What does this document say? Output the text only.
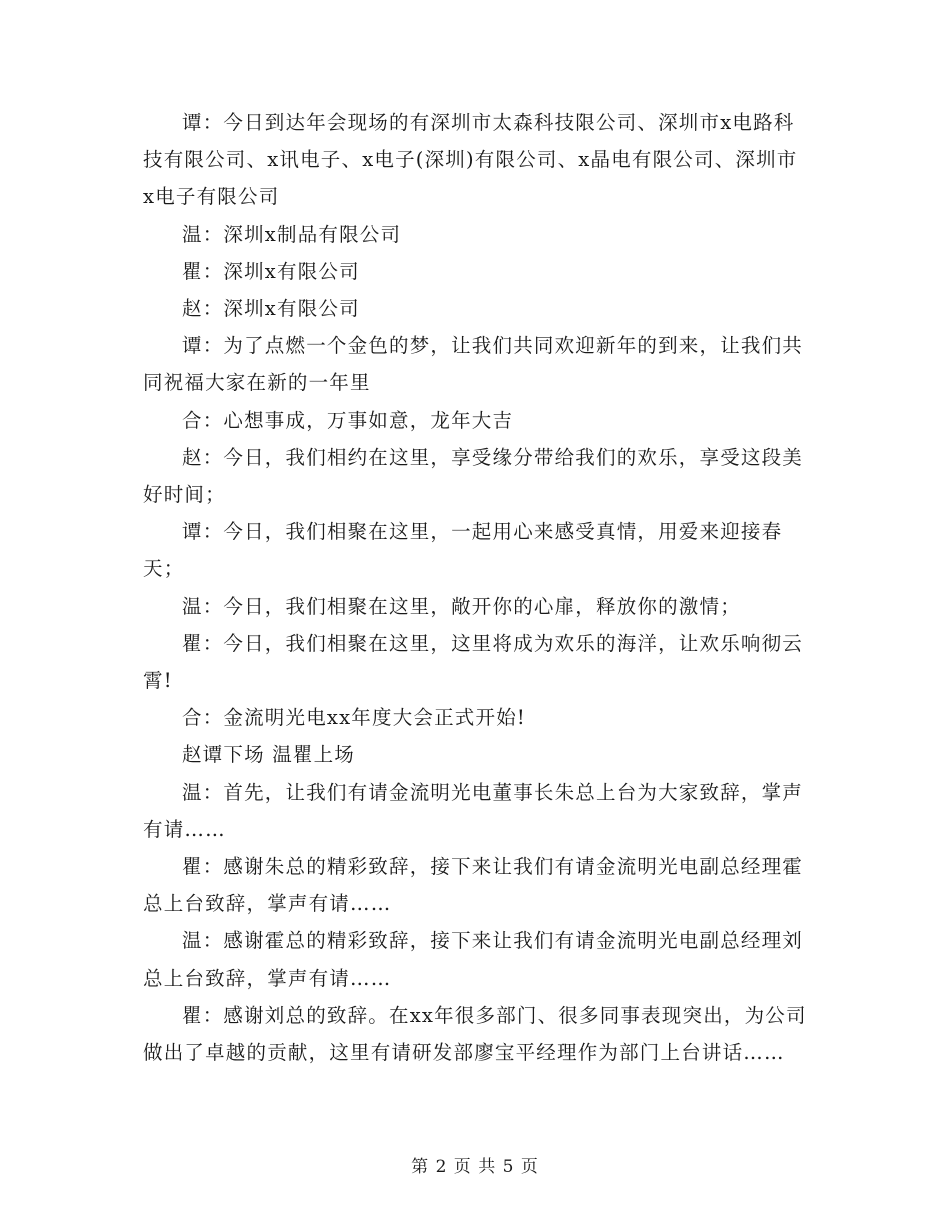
谭：今日到达年会现场的有深圳市太森科技限公司、深圳市x电路科技有限公司、x讯电子、x电子(深圳)有限公司、x晶电有限公司、深圳市x电子有限公司

温：深圳x制品有限公司

瞿：深圳x有限公司

赵：深圳x有限公司

谭：为了点燃一个金色的梦，让我们共同欢迎新年的到来，让我们共同祝福大家在新的一年里

合：心想事成，万事如意，龙年大吉

赵：今日，我们相约在这里，享受缘分带给我们的欢乐，享受这段美好时间；

谭：今日，我们相聚在这里，一起用心来感受真情，用爱来迎接春天；

温：今日，我们相聚在这里，敞开你的心扉，释放你的激情；

瞿：今日，我们相聚在这里，这里将成为欢乐的海洋，让欢乐响彻云霄!

合：金流明光电xx年度大会正式开始!

赵谭下场 温瞿上场

温：首先，让我们有请金流明光电董事长朱总上台为大家致辞，掌声有请……

瞿：感谢朱总的精彩致辞，接下来让我们有请金流明光电副总经理霍总上台致辞，掌声有请……

温：感谢霍总的精彩致辞，接下来让我们有请金流明光电副总经理刘总上台致辞，掌声有请……

瞿：感谢刘总的致辞。在xx年很多部门、很多同事表现突出，为公司做出了卓越的贡献，这里有请研发部廖宝平经理作为部门上台讲话……

第 2 页 共 5 页
